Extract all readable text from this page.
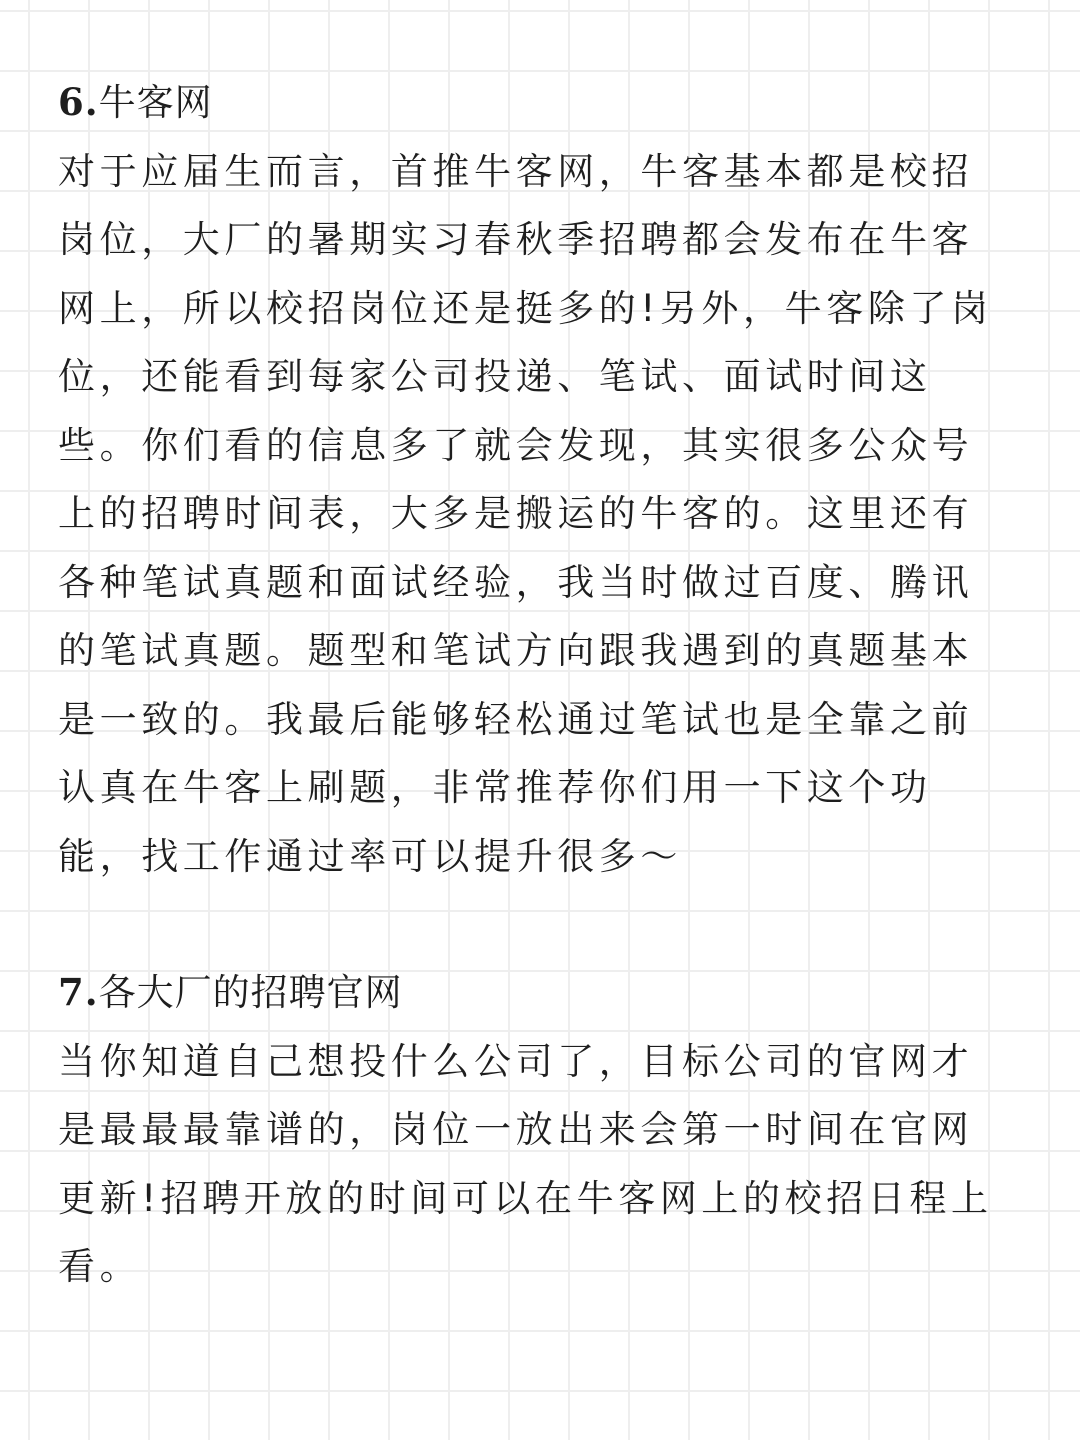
6.牛客网

对于应届生而言，首推牛客网，牛客基本都是校招
岗位，大厂的暑期实习春秋季招聘都会发布在牛客
网上，所以校招岗位还是挺多的!另外，牛客除了岗
位，还能看到每家公司投递、笔试、面试时间这
些。你们看的信息多了就会发现，其实很多公众号
上的招聘时间表，大多是搬运的牛客的。这里还有
各种笔试真题和面试经验，我当时做过百度、腾讯
的笔试真题。题型和笔试方向跟我遇到的真题基本
是一致的。我最后能够轻松通过笔试也是全靠之前
认真在牛客上刷题，非常推荐你们用一下这个功
能，找工作通过率可以提升很多～

7.各大厂的招聘官网

当你知道自己想投什么公司了，目标公司的官网才
是最最最靠谱的，岗位一放出来会第一时间在官网
更新!招聘开放的时间可以在牛客网上的校招日程上
看。
